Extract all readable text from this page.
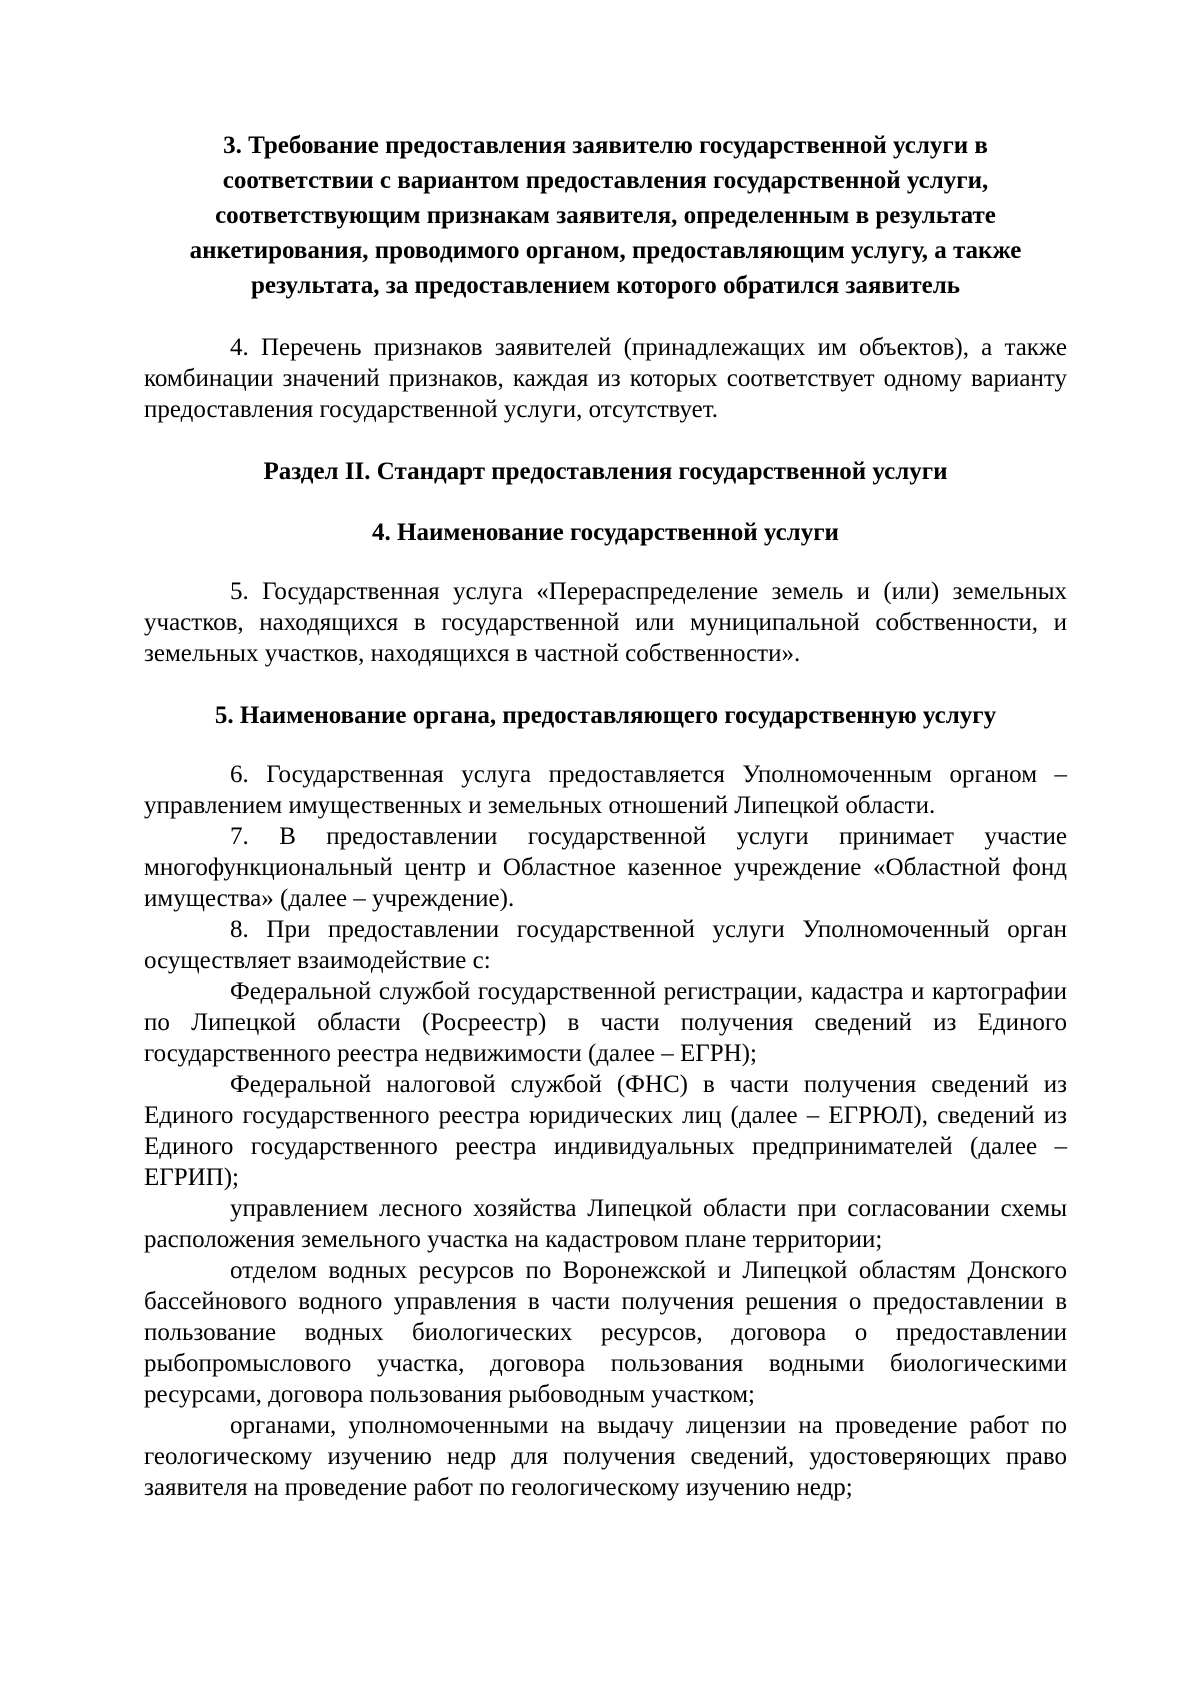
3. Требование предоставления заявителю государственной услуги в соответствии с вариантом предоставления государственной услуги, соответствующим признакам заявителя, определенным в результате анкетирования, проводимого органом, предоставляющим услугу, а также результата, за предоставлением которого обратился заявитель

4. Перечень признаков заявителей (принадлежащих им объектов), а также комбинации значений признаков, каждая из которых соответствует одному варианту предоставления государственной услуги, отсутствует.

Раздел II. Стандарт предоставления государственной услуги
4. Наименование государственной услуги

5. Государственная услуга «Перераспределение земель и (или) земельных участков, находящихся в государственной или муниципальной собственности, и земельных участков, находящихся в частной собственности».

5. Наименование органа, предоставляющего государственную услугу

6. Государственная услуга предоставляется Уполномоченным органом – управлением имущественных и земельных отношений Липецкой области.

7. В предоставлении государственной услуги принимает участие многофункциональный центр и Областное казенное учреждение «Областной фонд имущества» (далее – учреждение).

8. При предоставлении государственной услуги Уполномоченный орган осуществляет взаимодействие с:

Федеральной службой государственной регистрации, кадастра и картографии по Липецкой области (Росреестр) в части получения сведений из Единого государственного реестра недвижимости (далее – ЕГРН);

Федеральной налоговой службой (ФНС) в части получения сведений из Единого государственного реестра юридических лиц (далее – ЕГРЮЛ), сведений из Единого государственного реестра индивидуальных предпринимателей (далее – ЕГРИП);

управлением лесного хозяйства Липецкой области при согласовании схемы расположения земельного участка на кадастровом плане территории;

отделом водных ресурсов по Воронежской и Липецкой областям Донского бассейнового водного управления в части получения решения о предоставлении в пользование водных биологических ресурсов, договора о предоставлении рыбопромыслового участка, договора пользования водными биологическими ресурсами, договора пользования рыбоводным участком;

органами, уполномоченными на выдачу лицензии на проведение работ по геологическому изучению недр для получения сведений, удостоверяющих право заявителя на проведение работ по геологическому изучению недр;
